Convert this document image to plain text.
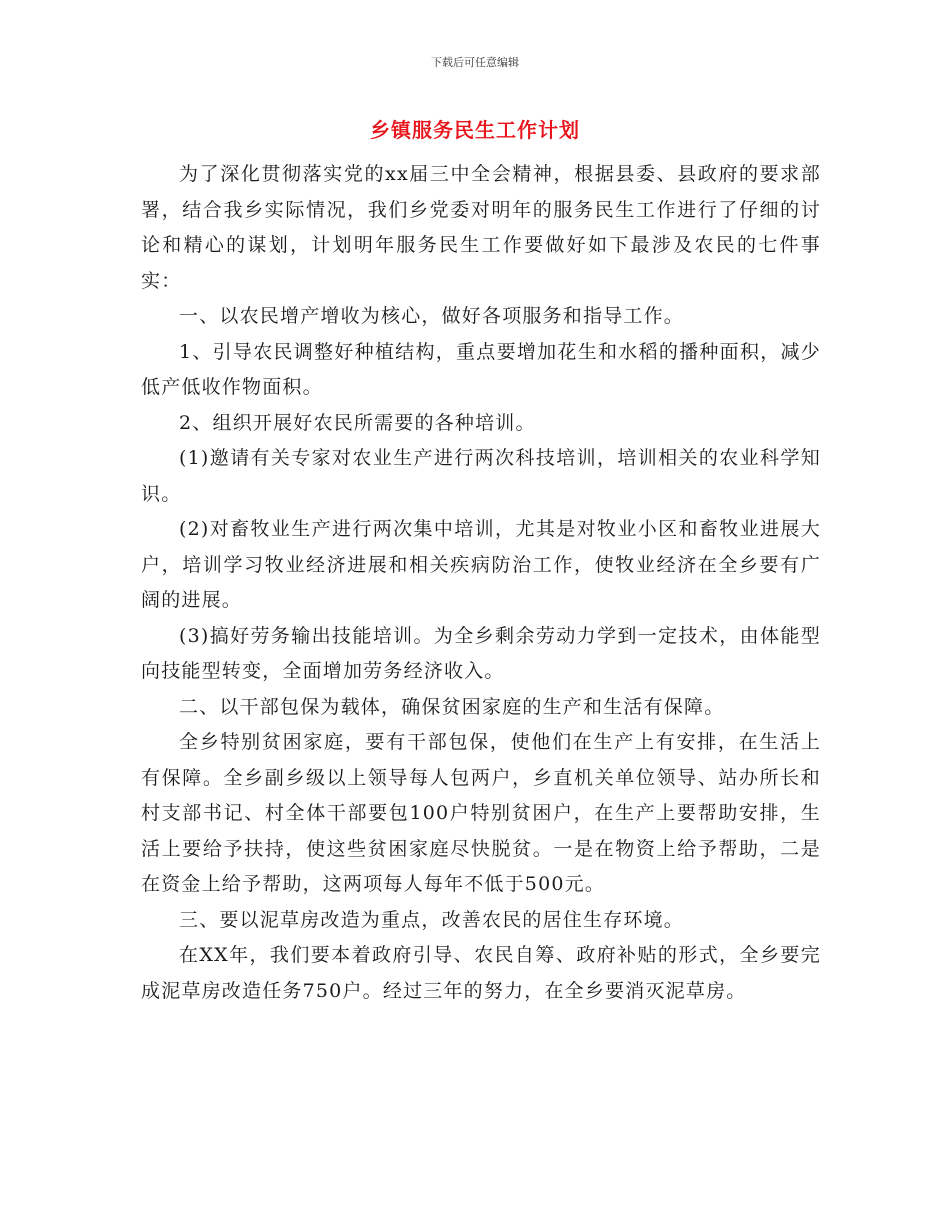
下载后可任意编辑
乡镇服务民生工作计划

为了深化贯彻落实党的xx届三中全会精神，根据县委、县政府的要求部署，结合我乡实际情况，我们乡党委对明年的服务民生工作进行了仔细的讨论和精心的谋划，计划明年服务民生工作要做好如下最涉及农民的七件事实：

一、以农民增产增收为核心，做好各项服务和指导工作。

1、引导农民调整好种植结构，重点要增加花生和水稻的播种面积，减少低产低收作物面积。

2、组织开展好农民所需要的各种培训。

(1)邀请有关专家对农业生产进行两次科技培训，培训相关的农业科学知识。

(2)对畜牧业生产进行两次集中培训，尤其是对牧业小区和畜牧业进展大户，培训学习牧业经济进展和相关疾病防治工作，使牧业经济在全乡要有广阔的进展。

(3)搞好劳务输出技能培训。为全乡剩余劳动力学到一定技术，由体能型向技能型转变，全面增加劳务经济收入。

二、以干部包保为载体，确保贫困家庭的生产和生活有保障。

全乡特别贫困家庭，要有干部包保，使他们在生产上有安排，在生活上有保障。全乡副乡级以上领导每人包两户，乡直机关单位领导、站办所长和村支部书记、村全体干部要包100户特别贫困户，在生产上要帮助安排，生活上要给予扶持，使这些贫困家庭尽快脱贫。一是在物资上给予帮助，二是在资金上给予帮助，这两项每人每年不低于500元。

三、要以泥草房改造为重点，改善农民的居住生存环境。

在XX年，我们要本着政府引导、农民自筹、政府补贴的形式，全乡要完成泥草房改造任务750户。经过三年的努力，在全乡要消灭泥草房。
